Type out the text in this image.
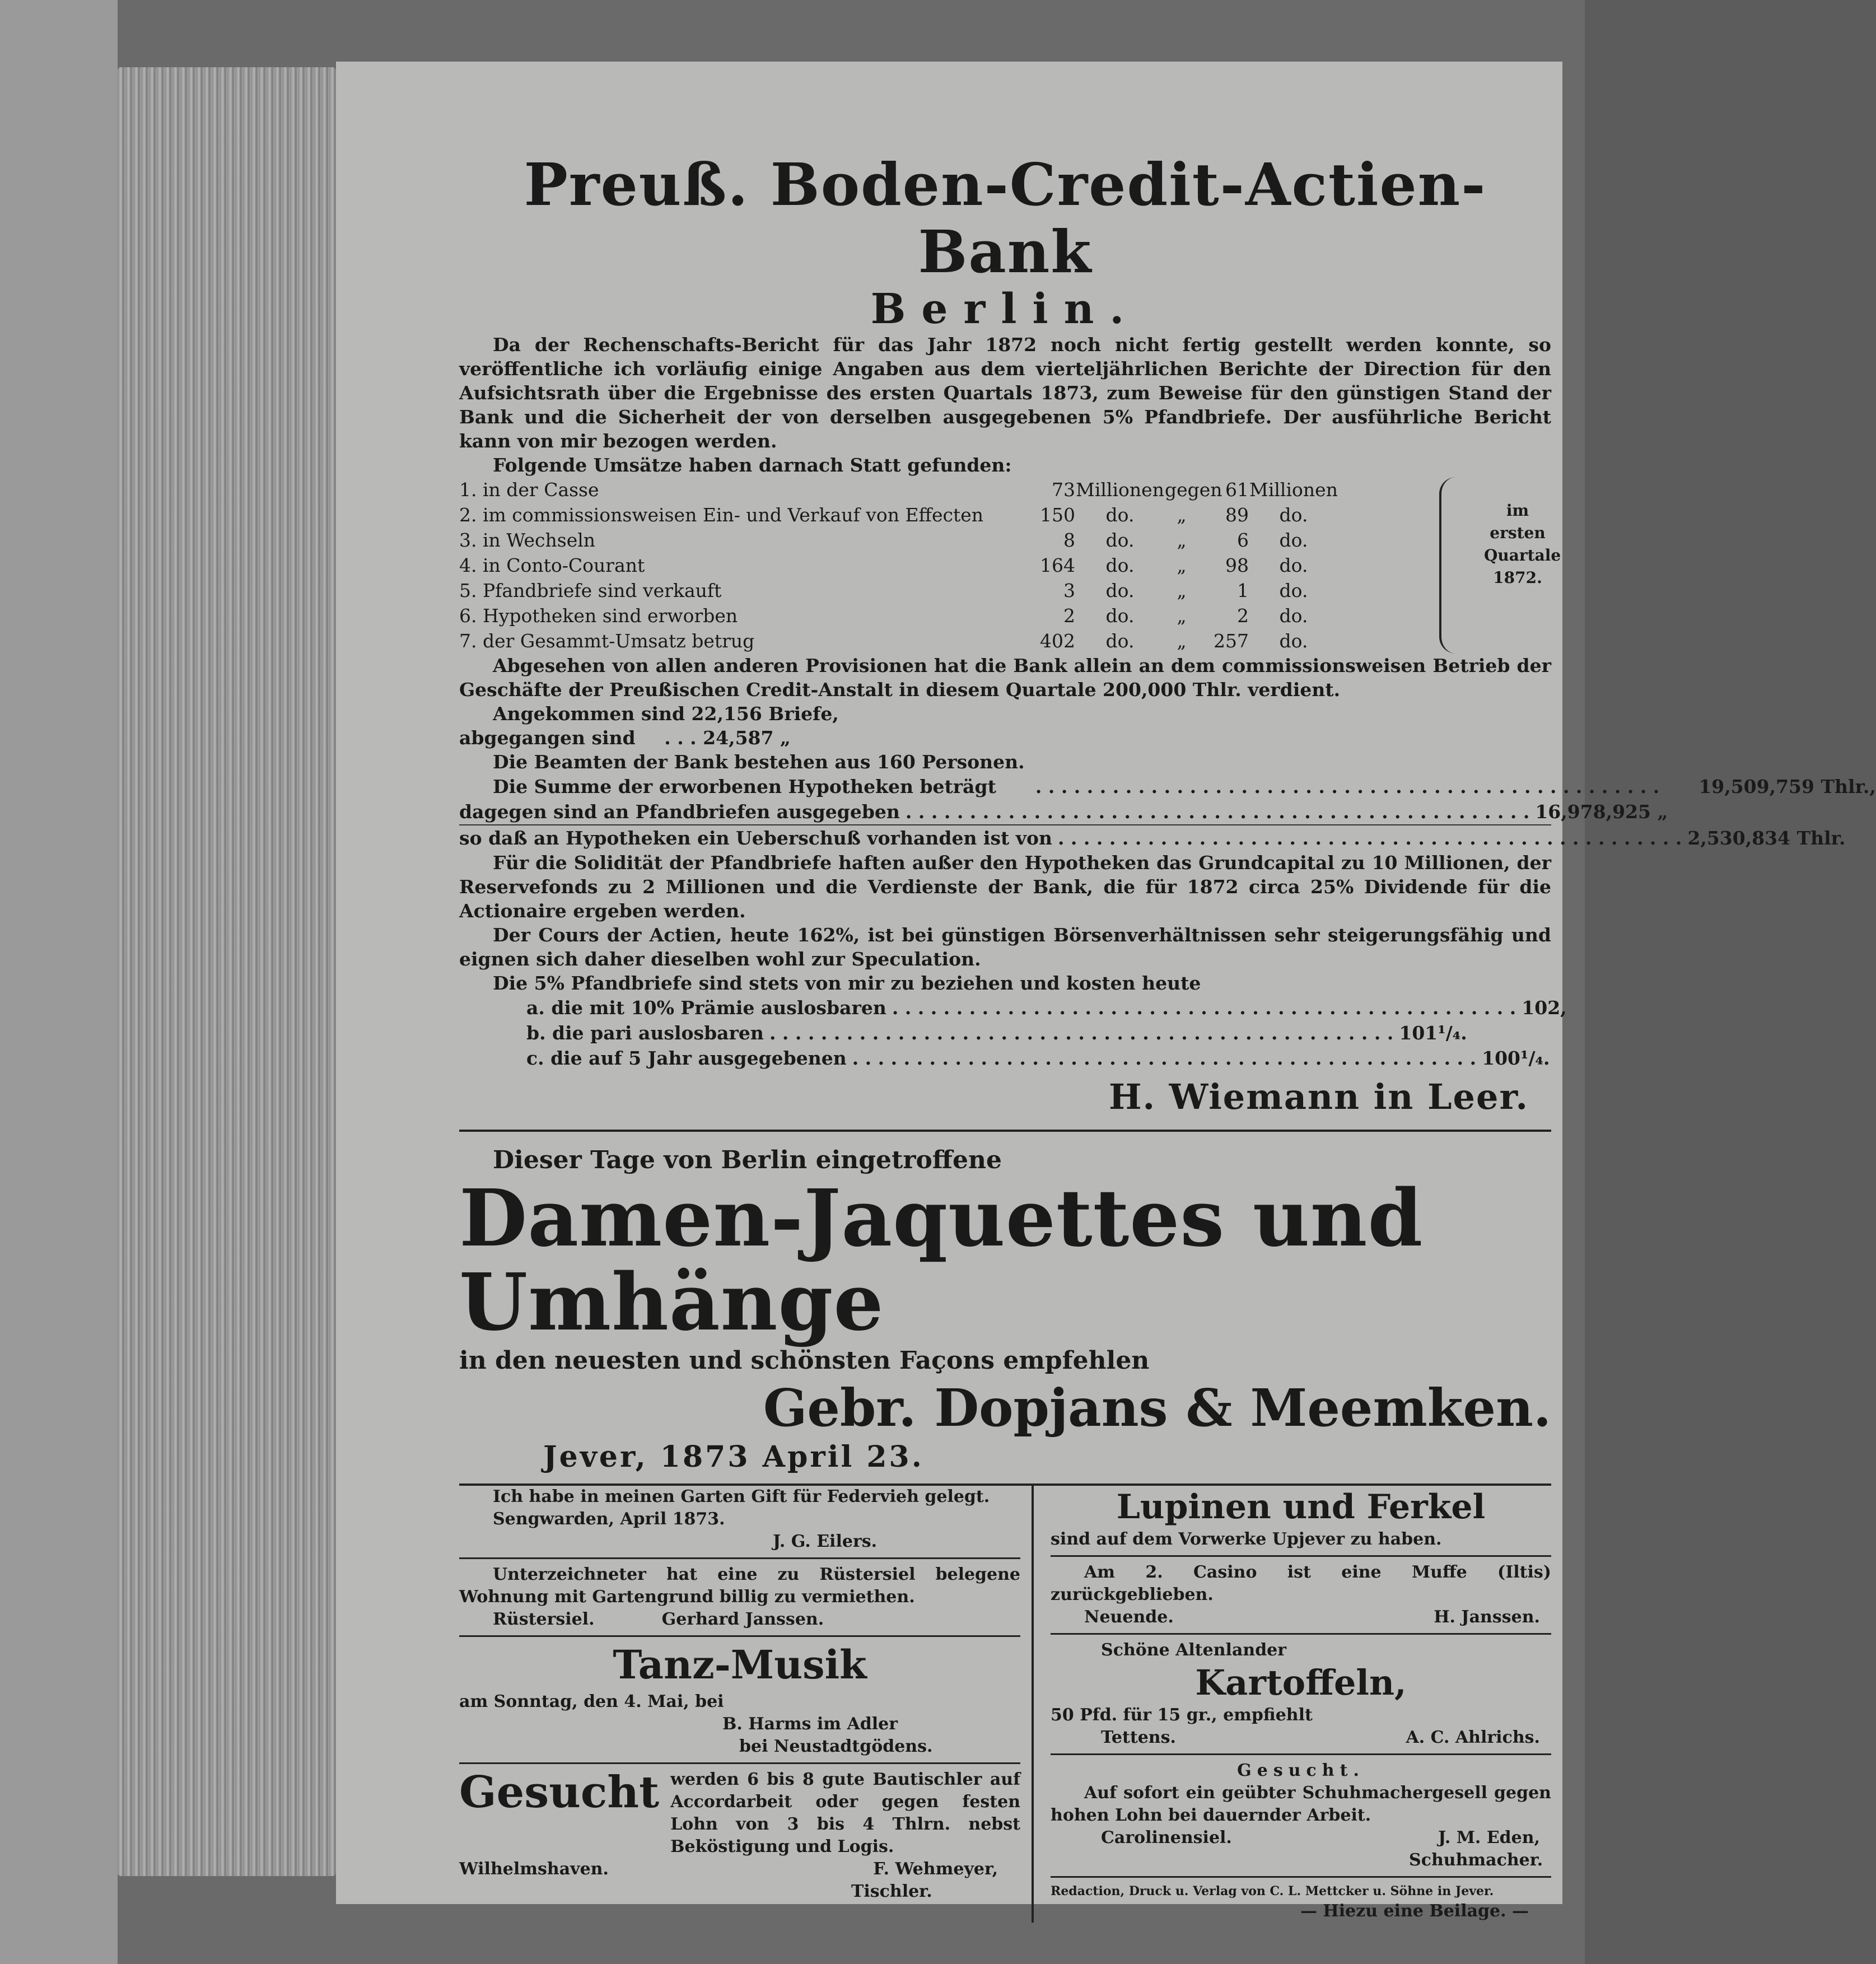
Preuß. Boden-Credit-Actien-Bank
Berlin.
Da der Rechenschafts-Bericht für das Jahr 1872 noch nicht fertig gestellt werden konnte, so veröffentliche ich vorläufig einige Angaben aus dem vierteljährlichen Berichte der Direction für den Aufsichtsrath über die Ergebnisse des ersten Quartals 1873, zum Beweise für den günstigen Stand der Bank und die Sicherheit der von derselben ausgegebenen 5% Pfandbriefe. Der ausführliche Bericht kann von mir bezogen werden.
Folgende Umsätze haben darnach Statt gefunden:
1. in der Casse	73 Millionen gegen 61 Millionen
2. im commissionsweisen Ein- und Verkauf von Effecten	150	do.	„	89	do.
3. in Wechseln	8	do.	„	6	do.
4. in Conto-Courant	164	do.	„	98	do.
5. Pfandbriefe sind verkauft	3	do.	„	1	do.
6. Hypotheken sind erworben	2	do.	„	2	do.
7. der Gesammt-Umsatz betrug	402	do.	„	257	do.
im
ersten
Quartale
1872.
Abgesehen von allen anderen Provisionen hat die Bank allein an dem commissionsweisen Betrieb der Geschäfte der Preußischen Credit-Anstalt in diesem Quartale 200,000 Thlr. verdient.
Angekommen sind 22,156 Briefe,
abgegangen sind . . . 24,587 „
Die Beamten der Bank bestehen aus 160 Personen.
Die Summe der erworbenen Hypotheken beträgt . . .	19,509,759 Thlr.,
dagegen sind an Pfandbriefen ausgegeben . . .	16,978,925 „
so daß an Hypotheken ein Ueberschuß vorhanden ist von . . .	2,530,834 Thlr.
Für die Solidität der Pfandbriefe haften außer den Hypotheken das Grundcapital zu 10 Millionen, der Reservefonds zu 2 Millionen und die Verdienste der Bank, die für 1872 circa 25% Dividende für die Actionaire ergeben werden.
Der Cours der Actien, heute 162%, ist bei günstigen Börsenverhältnissen sehr steigerungsfähig und eignen sich daher dieselben wohl zur Speculation.
Die 5% Pfandbriefe sind stets von mir zu beziehen und kosten heute
a. die mit 10% Prämie auslosbaren . . .	102,
b. die pari auslosbaren . . .	101¹/₄.
c. die auf 5 Jahr ausgegebenen . . .	100¹/₄.
H. Wiemann in Leer.
Dieser Tage von Berlin eingetroffene
Damen-Jaquettes und Umhänge
in den neuesten und schönsten Façons empfehlen
Gebr. Dopjans & Meemken.
Jever, 1873 April 23.
Ich habe in meinen Garten Gift für Federvieh gelegt.
Sengwarden, April 1873.
J. G. Eilers.
Unterzeichneter hat eine zu Rüstersiel belegene Wohnung mit Gartengrund billig zu vermiethen.
Rüstersiel.	Gerhard Janssen.
Tanz-Musik
am Sonntag, den 4. Mai, bei
B. Harms im Adler
bei Neustadtgödens.
Gesucht werden 6 bis 8 gute Bautischler auf Accordarbeit oder gegen festen Lohn von 3 bis 4 Thlrn. nebst Beköstigung und Logis.
Wilhelmshaven.	F. Wehmeyer,
Tischler.
Lupinen und Ferkel
sind auf dem Vorwerke Upjever zu haben.
Am 2. Casino ist eine Muffe (Iltis) zurückgeblieben.
Neuende.	H. Janssen.
Schöne Altenlander
Kartoffeln,
50 Pfd. für 15 gr., empfiehlt
Tettens.	A. C. Ahlrichs.
Gesucht.
Auf sofort ein geübter Schuhmachergesell gegen hohen Lohn bei dauernder Arbeit.
Carolinensiel.	J. M. Eden,
Schuhmacher.
Redaction, Druck u. Verlag von C. L. Mettcker u. Söhne in Jever.
— Hiezu eine Beilage. —
